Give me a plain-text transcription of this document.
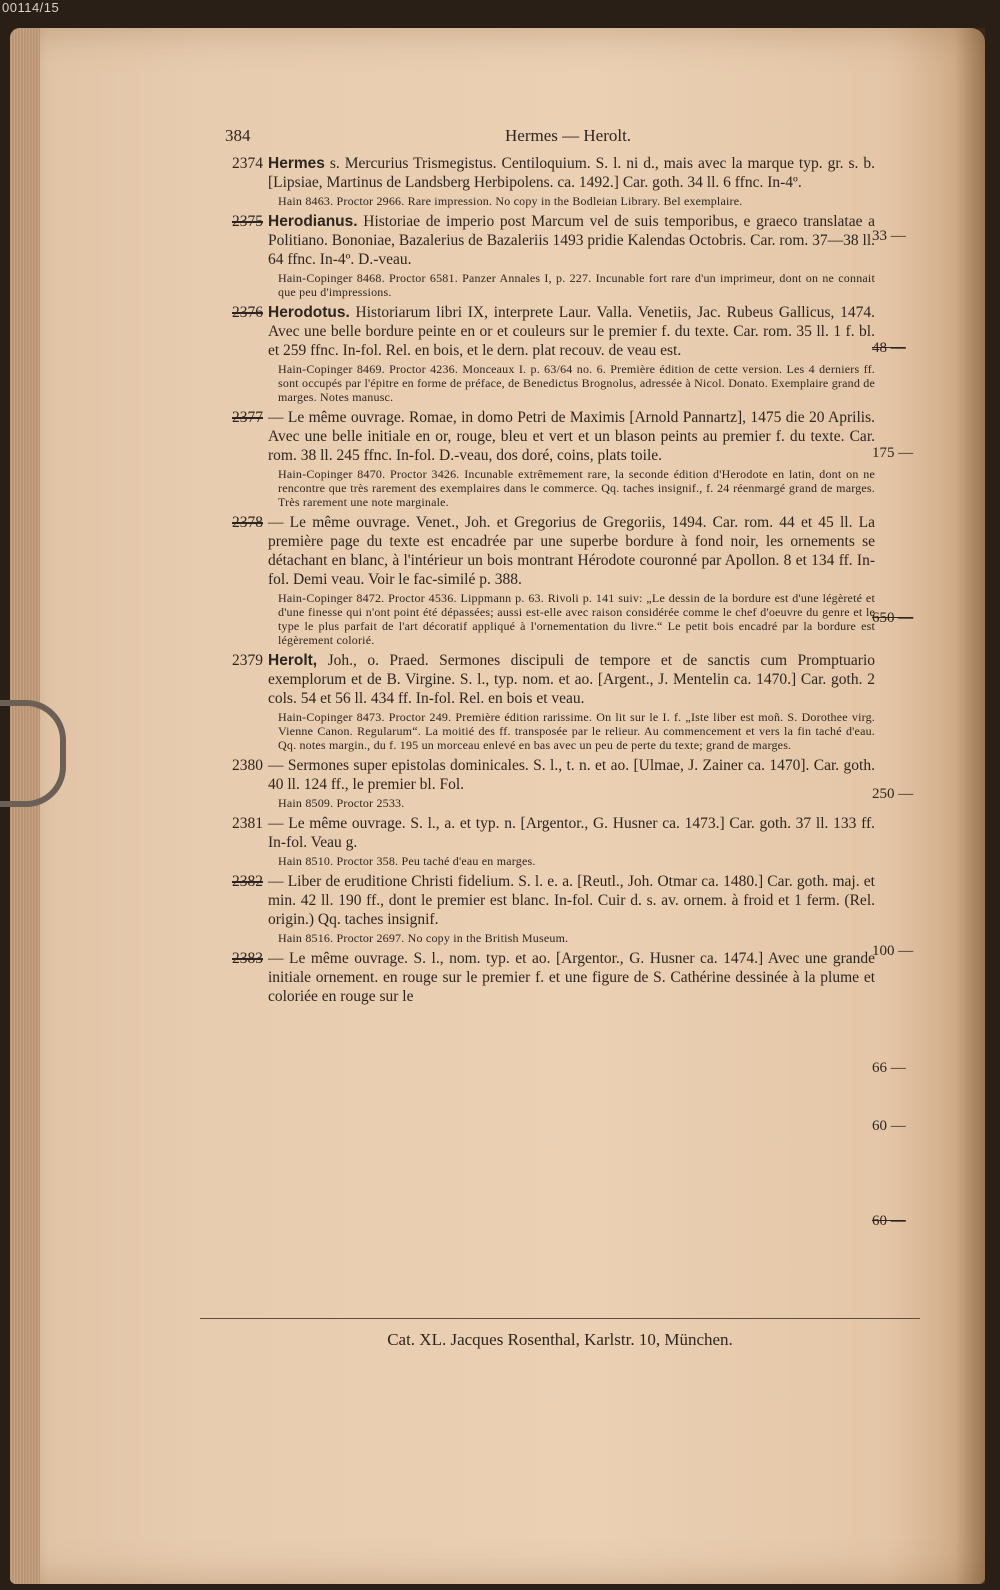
00114/15
384	Hermes — Herolt.
2374 Hermes s. Mercurius Trismegistus. Centiloquium. S. l. ni d., mais avec la marque typ. gr. s. b. [Lipsiae, Martinus de Landsberg Herbipolens. ca. 1492.] Car. goth. 34 ll. 6 ffnc. In-4º.
Hain 8463. Proctor 2966. Rare impression. No copy in the Bodleian Library. Bel exemplaire.
2375 Herodianus. Historiae de imperio post Marcum vel de suis temporibus, e graeco translatae a Politiano. Bononiae, Bazalerius de Bazaleriis 1493 pridie Kalendas Octobris. Car. rom. 37—38 ll. 64 ffnc. In-4º. D.-veau.
Hain-Copinger 8468. Proctor 6581. Panzer Annales I, p. 227. Incunable fort rare d'un imprimeur, dont on ne connait que peu d'impressions.
2376 Herodotus. Historiarum libri IX, interprete Laur. Valla. Venetiis, Jac. Rubeus Gallicus, 1474. Avec une belle bordure peinte en or et couleurs sur le premier f. du texte. Car. rom. 35 ll. 1 f. bl. et 259 ffnc. In-fol. Rel. en bois, et le dern. plat recouv. de veau est.
Hain-Copinger 8469. Proctor 4236. Monceaux I. p. 63/64 no. 6. Première édition de cette version. Les 4 derniers ff. sont occupés par l'épitre en forme de préface, de Benedictus Brognolus, adressée à Nicol. Donato. Exemplaire grand de marges. Notes manusc.
2377 — Le même ouvrage. Romae, in domo Petri de Maximis [Arnold Pannartz], 1475 die 20 Aprilis. Avec une belle initiale en or, rouge, bleu et vert et un blason peints au premier f. du texte. Car. rom. 38 ll. 245 ffnc. In-fol. D.-veau, dos doré, coins, plats toile.
Hain-Copinger 8470. Proctor 3426. Incunable extrêmement rare, la seconde édition d'Herodote en latin, dont on ne rencontre que très rarement des exemplaires dans le commerce. Qq. taches insignif., f. 24 réenmargé grand de marges. Très rarement une note marginale.
2378 — Le même ouvrage. Venet., Joh. et Gregorius de Gregoriis, 1494. Car. rom. 44 et 45 ll. La première page du texte est encadrée par une superbe bordure à fond noir, les ornements se détachant en blanc, à l'intérieur un bois montrant Hérodote couronné par Apollon. 8 et 134 ff. In-fol. Demi veau. Voir le fac-similé p. 388.
Hain-Copinger 8472. Proctor 4536. Lippmann p. 63. Rivoli p. 141 suiv: „Le dessin de la bordure est d'une légèreté et d'une finesse qui n'ont point été dépassées; aussi est-elle avec raison considérée comme le chef d'oeuvre du genre et le type le plus parfait de l'art décoratif appliqué à l'ornementation du livre.“ Le petit bois encadré par la bordure est légèrement colorié.
2379 Herolt, Joh., o. Praed. Sermones discipuli de tempore et de sanctis cum Promptuario exemplorum et de B. Virgine. S. l., typ. nom. et ao. [Argent., J. Mentelin ca. 1470.] Car. goth. 2 cols. 54 et 56 ll. 434 ff. In-fol. Rel. en bois et veau.
Hain-Copinger 8473. Proctor 249. Première édition rarissime. On lit sur le I. f. „Iste liber est moñ. S. Dorothee virg. Vienne Canon. Regularum“. La moitié des ff. transposée par le relieur. Au commencement et vers la fin taché d'eau. Qq. notes margin., du f. 195 un morceau enlevé en bas avec un peu de perte du texte; grand de marges.
2380 — Sermones super epistolas dominicales. S. l., t. n. et ao. [Ulmae, J. Zainer ca. 1470]. Car. goth. 40 ll. 124 ff., le premier bl. Fol.
Hain 8509. Proctor 2533.
2381 — Le même ouvrage. S. l., a. et typ. n. [Argentor., G. Husner ca. 1473.] Car. goth. 37 ll. 133 ff. In-fol. Veau g.
Hain 8510. Proctor 358. Peu taché d'eau en marges.
2382 — Liber de eruditione Christi fidelium. S. l. e. a. [Reutl., Joh. Otmar ca. 1480.] Car. goth. maj. et min. 42 ll. 190 ff., dont le premier est blanc. In-fol. Cuir d. s. av. ornem. à froid et 1 ferm. (Rel. origin.) Qq. taches insignif.
Hain 8516. Proctor 2697. No copy in the British Museum.
2383 — Le même ouvrage. S. l., nom. typ. et ao. [Argentor., G. Husner ca. 1474.] Avec une grande initiale ornement. en rouge sur le premier f. et une figure de S. Cathérine dessinée à la plume et coloriée en rouge sur le
33 —
48 —
175 —
650 —
250 —
100 —
66 —
60 —
60 —
Cat. XL. Jacques Rosenthal, Karlstr. 10, München.
